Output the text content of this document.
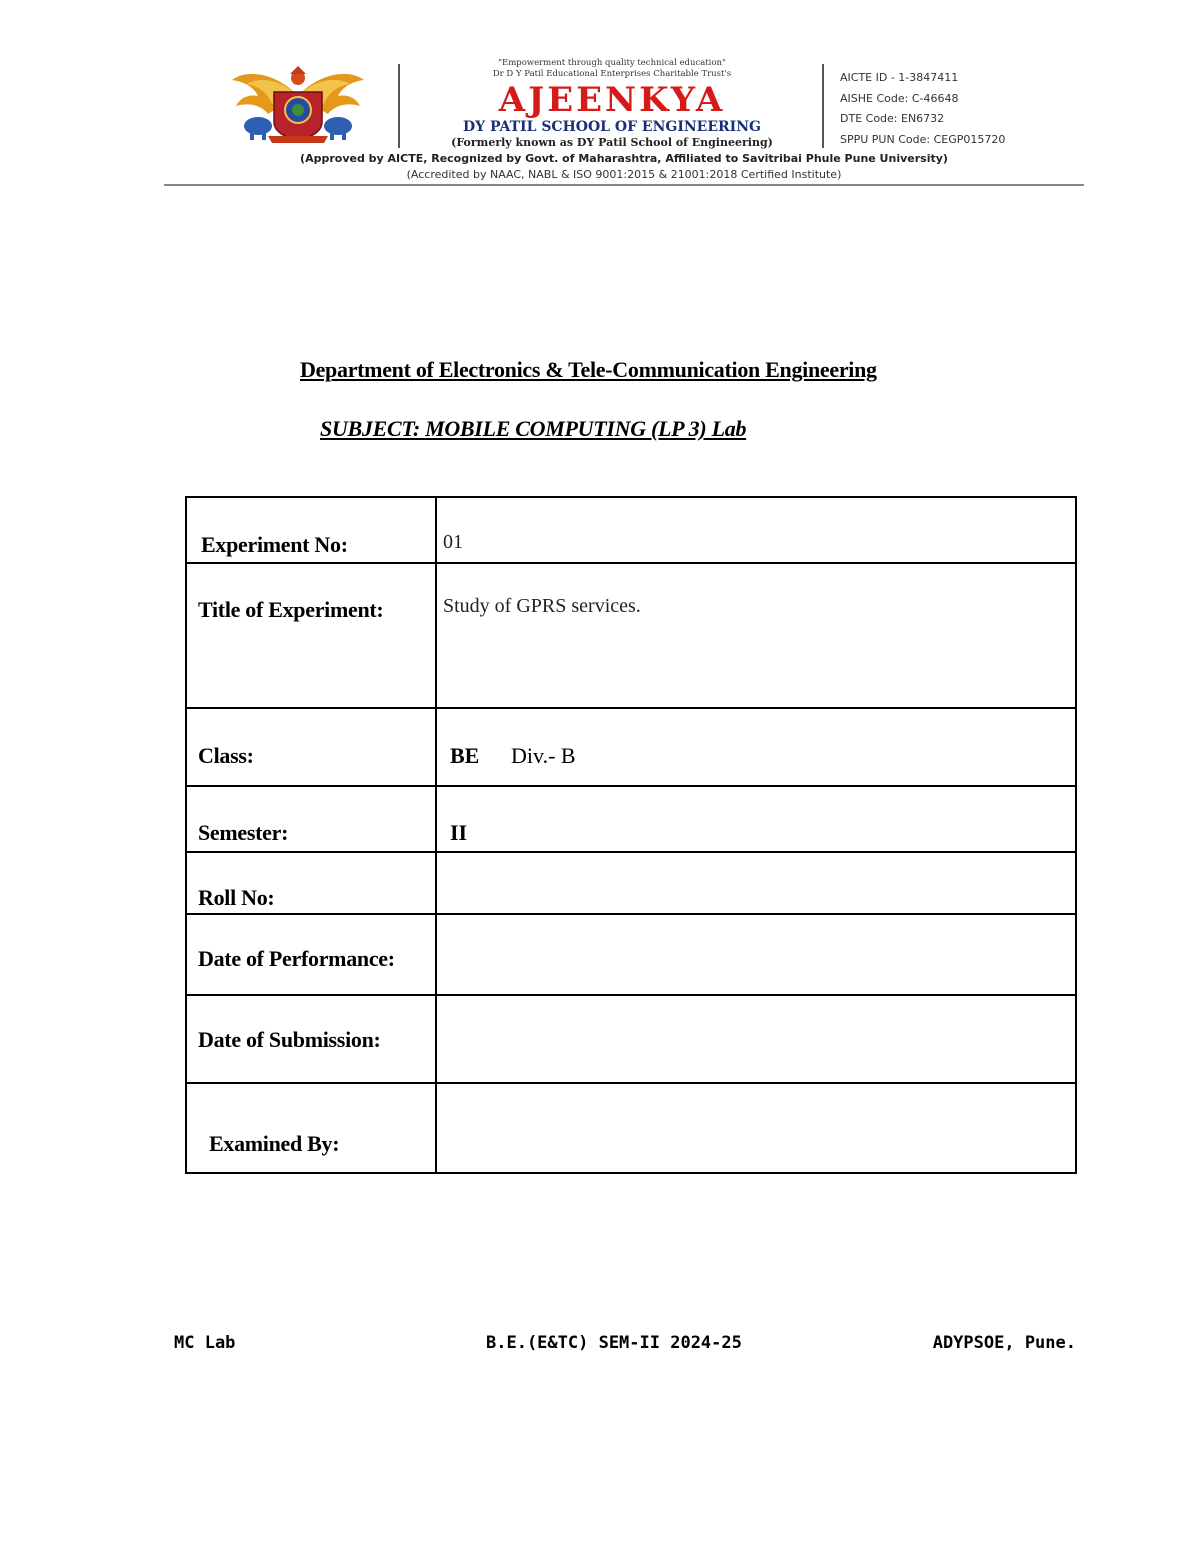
"Empowerment through quality technical education"
Dr D Y Patil Educational Enterprises Charitable Trust's
AJEENKYA
DY PATIL SCHOOL OF ENGINEERING
(Formerly known as DY Patil School of Engineering)
AICTE ID - 1-3847411
AISHE Code: C-46648
DTE Code: EN6732
SPPU PUN Code: CEGP015720
(Approved by AICTE, Recognized by Govt. of Maharashtra, Affiliated to Savitribai Phule Pune University)
(Accredited by NAAC, NABL & ISO 9001:2015 & 21001:2018 Certified Institute)
Department of Electronics & Tele-Communication Engineering
SUBJECT: MOBILE COMPUTING (LP 3) Lab
Experiment No:	01

Title of Experiment:	Study of GPRS services.

Class:	BE Div.- B

Semester:	II

Roll No:	

Date of Performance:	

Date of Submission:	

Examined By:	

MC Lab	B.E.(E&TC) SEM-II 2024-25	ADYPSOE, Pune.
